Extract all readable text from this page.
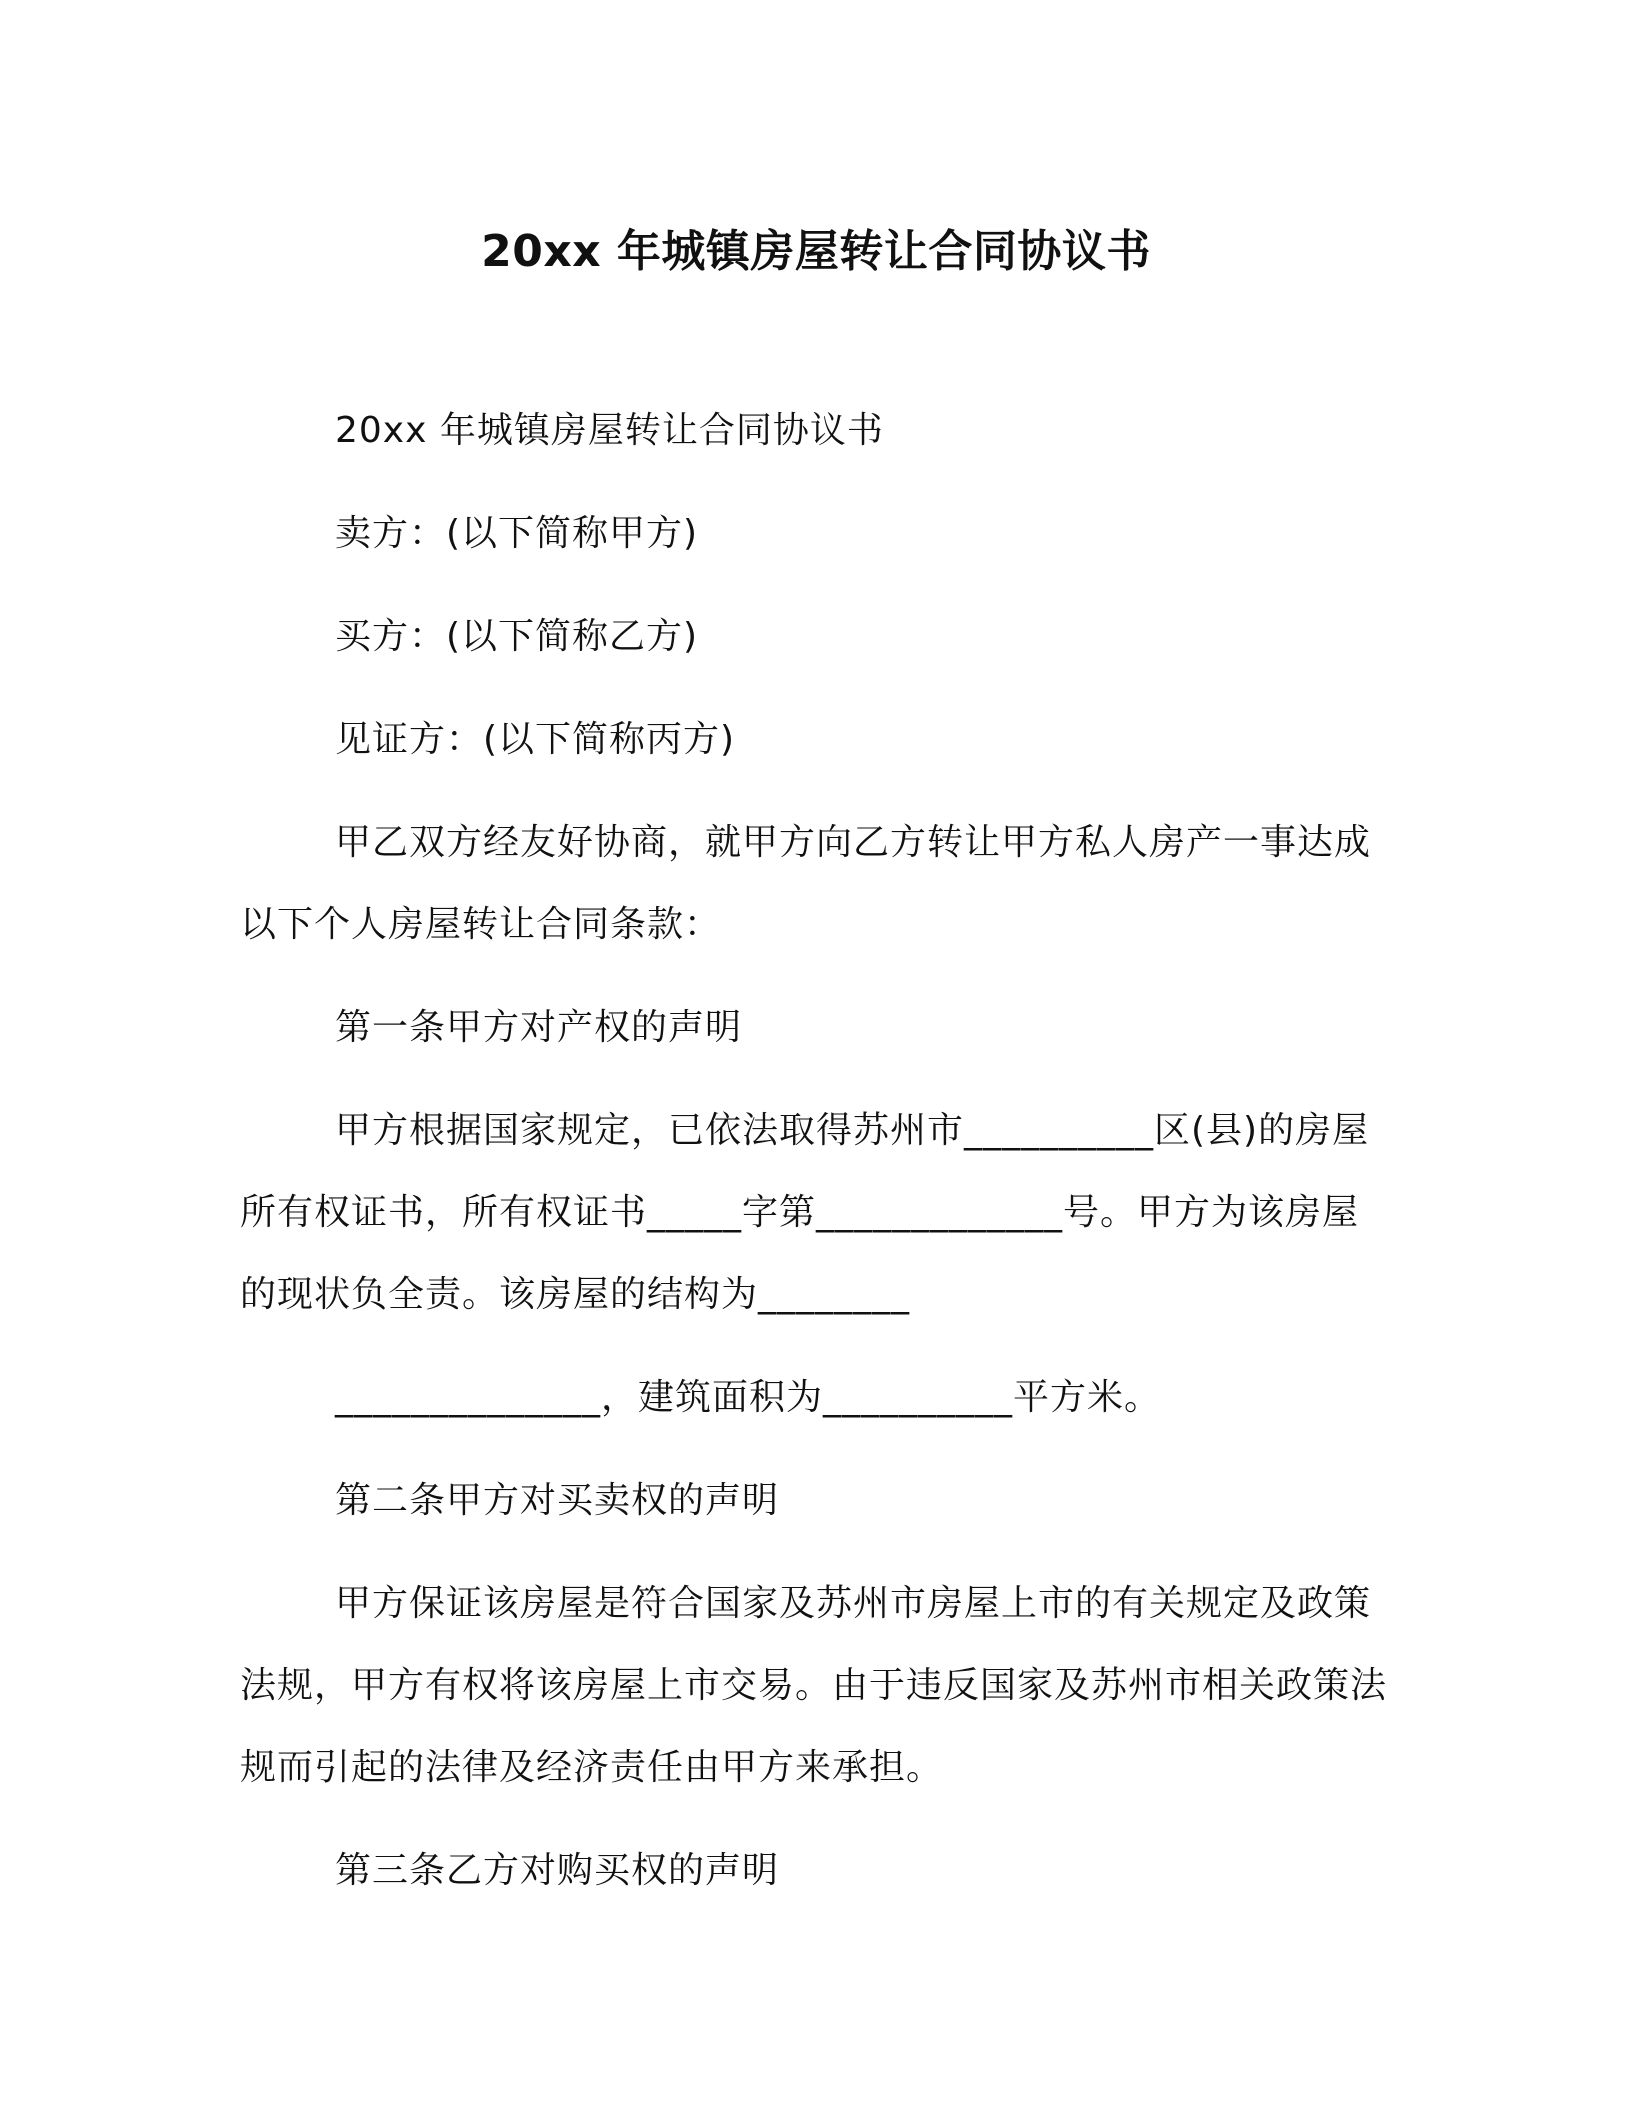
20xx 年城镇房屋转让合同协议书

20xx 年城镇房屋转让合同协议书

卖方：(以下简称甲方)

买方：(以下简称乙方)

见证方：(以下简称丙方)

甲乙双方经友好协商，就甲方向乙方转让甲方私人房产一事达成以下个人房屋转让合同条款：

第一条甲方对产权的声明

甲方根据国家规定，已依法取得苏州市__________区(县)的房屋所有权证书，所有权证书_____字第_____________号。甲方为该房屋的现状负全责。该房屋的结构为________

______________，建筑面积为__________平方米。

第二条甲方对买卖权的声明

甲方保证该房屋是符合国家及苏州市房屋上市的有关规定及政策法规，甲方有权将该房屋上市交易。由于违反国家及苏州市相关政策法规而引起的法律及经济责任由甲方来承担。

第三条乙方对购买权的声明
